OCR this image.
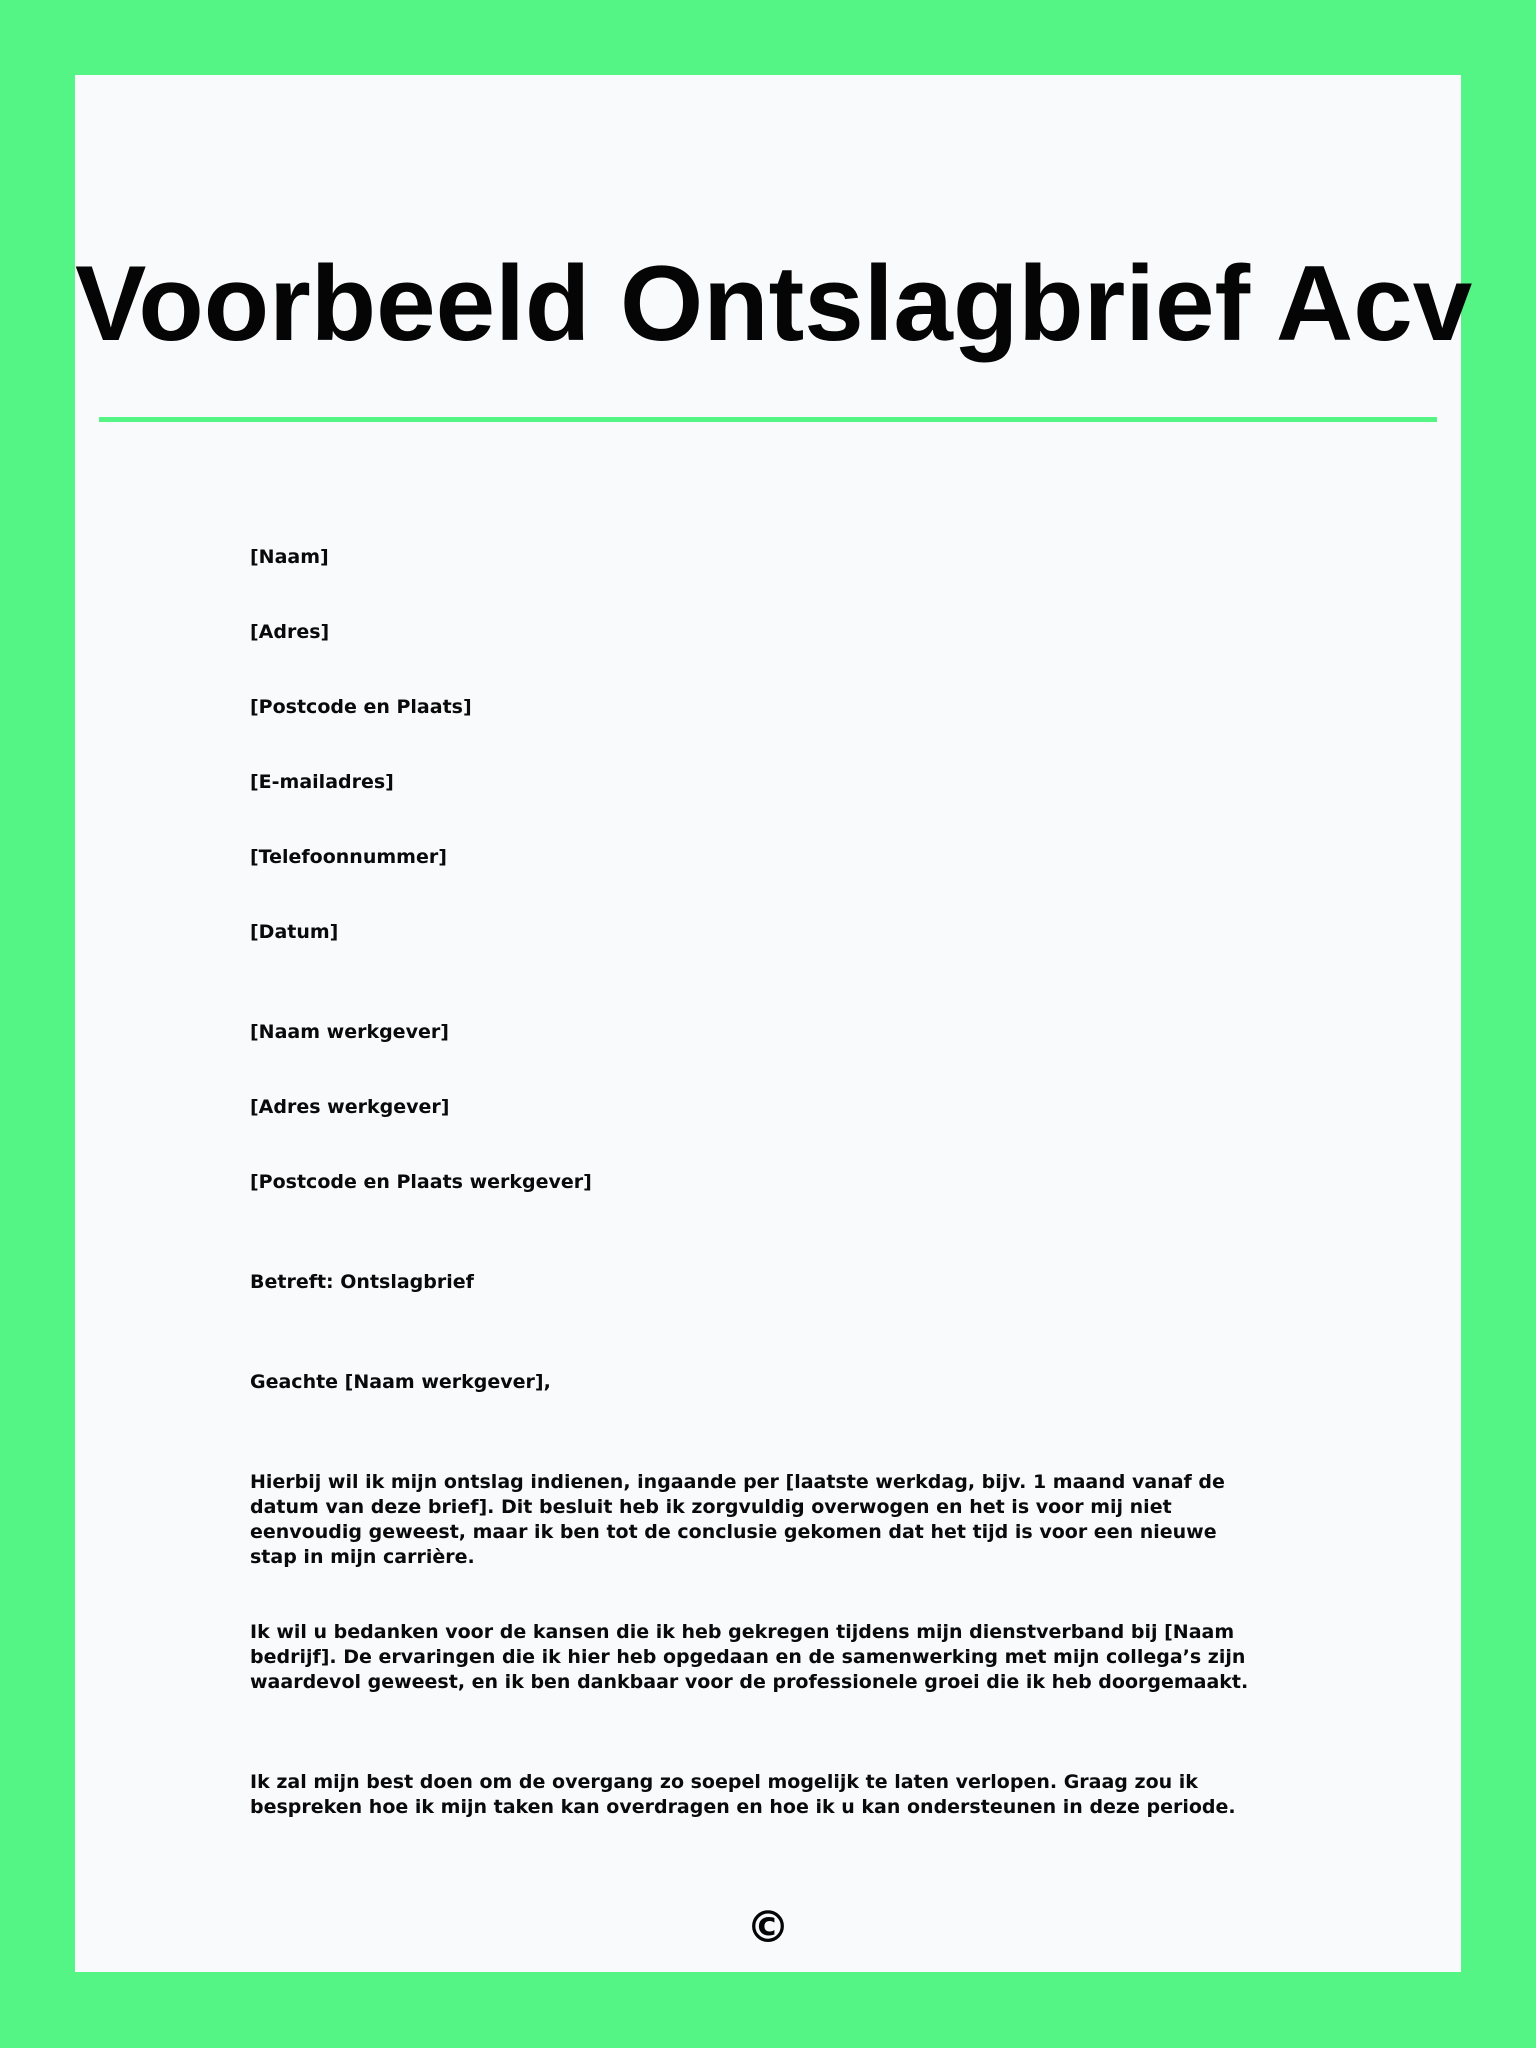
Voorbeeld Ontslagbrief Acv
[Naam]
[Adres]
[Postcode en Plaats]
[E-mailadres]
[Telefoonnummer]
[Datum]
[Naam werkgever]
[Adres werkgever]
[Postcode en Plaats werkgever]
Betreft: Ontslagbrief
Geachte [Naam werkgever],
Hierbij wil ik mijn ontslag indienen, ingaande per [laatste werkdag, bijv. 1 maand vanaf de datum van deze brief]. Dit besluit heb ik zorgvuldig overwogen en het is voor mij niet eenvoudig geweest, maar ik ben tot de conclusie gekomen dat het tijd is voor een nieuwe stap in mijn carrière.
Ik wil u bedanken voor de kansen die ik heb gekregen tijdens mijn dienstverband bij [Naam bedrijf]. De ervaringen die ik hier heb opgedaan en de samenwerking met mijn collega’s zijn waardevol geweest, en ik ben dankbaar voor de professionele groei die ik heb doorgemaakt.
Ik zal mijn best doen om de overgang zo soepel mogelijk te laten verlopen. Graag zou ik bespreken hoe ik mijn taken kan overdragen en hoe ik u kan ondersteunen in deze periode.
©
